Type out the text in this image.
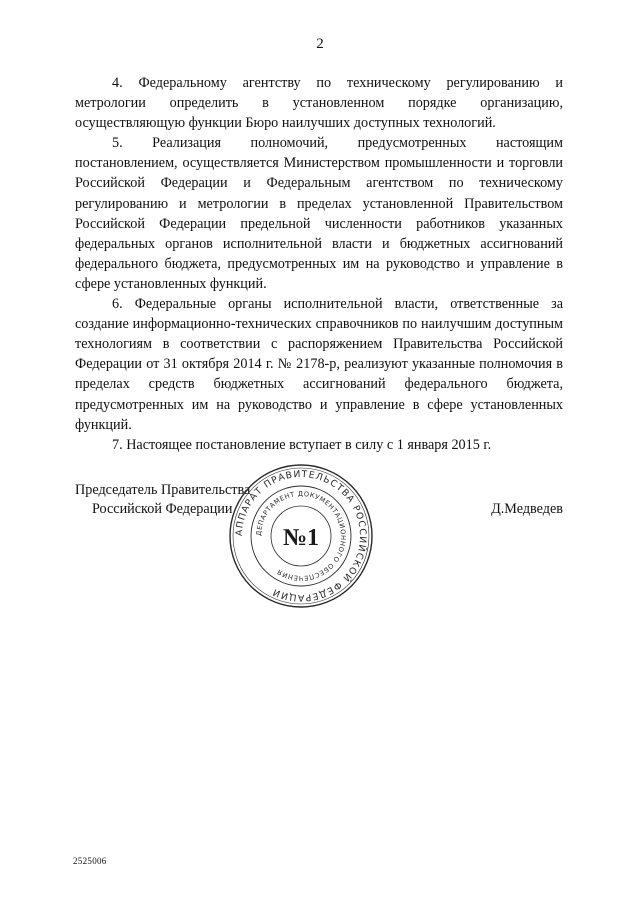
2

4. Федеральному агентству по техническому регулированию и метрологии определить в установленном порядке организацию, осуществляющую функции Бюро наилучших доступных технологий.

5. Реализация полномочий, предусмотренных настоящим постановлением, осуществляется Министерством промышленности и торговли Российской Федерации и Федеральным агентством по техническому регулированию и метрологии в пределах установленной Правительством Российской Федерации предельной численности работников указанных федеральных органов исполнительной власти и бюджетных ассигнований федерального бюджета, предусмотренных им на руководство и управление в сфере установленных функций.

6. Федеральные органы исполнительной власти, ответственные за создание информационно-технических справочников по наилучшим доступным технологиям в соответствии с распоряжением Правительства Российской Федерации от 31 октября 2014 г. № 2178-р, реализуют указанные полномочия в пределах средств бюджетных ассигнований федерального бюджета, предусмотренных им на руководство и управление в сфере установленных функций.

7. Настоящее постановление вступает в силу с 1 января 2015 г.

Председатель Правительства
Российской Федерации	Д.Медведев
АППАРАТ ПРАВИТЕЛЬСТВА РОССИЙСКОЙ ФЕДЕРАЦИИ
ДЕПАРТАМЕНТ ДОКУМЕНТАЦИОННОГО ОБЕСПЕЧЕНИЯ
№1
2525006
